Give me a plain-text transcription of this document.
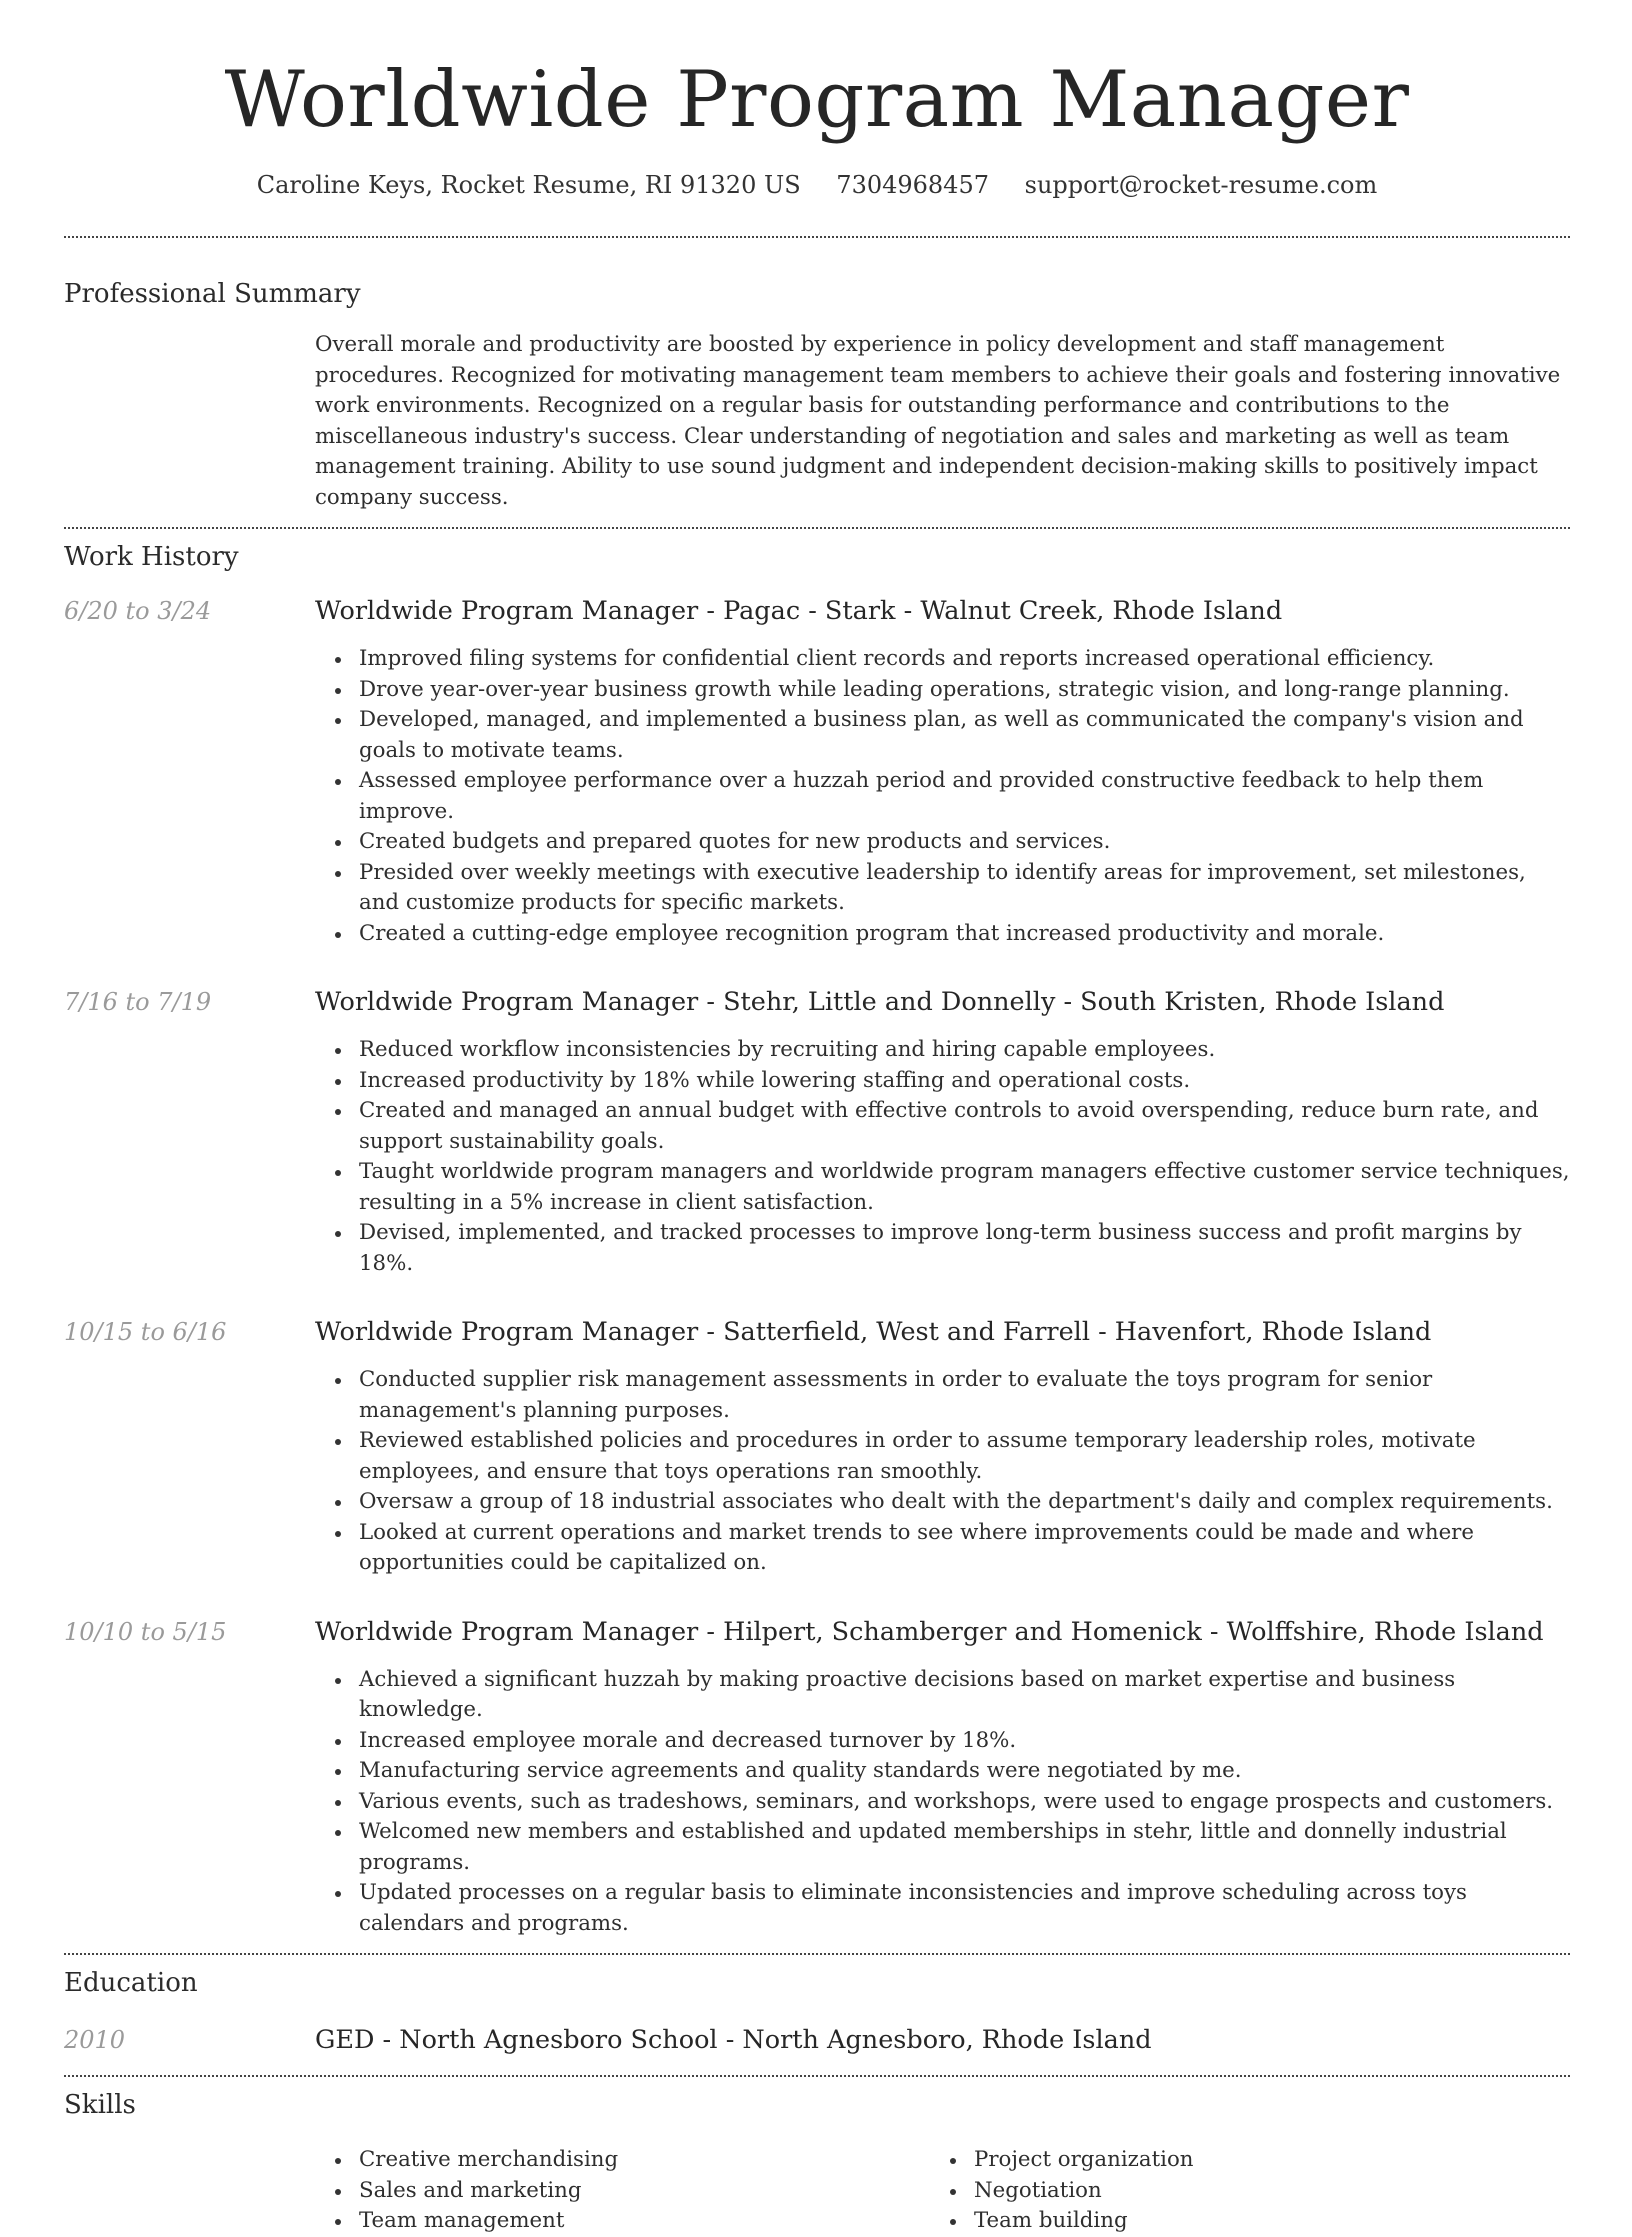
Worldwide Program Manager
Caroline Keys, Rocket Resume, RI 91320 US 7304968457 support@rocket-resume.com
Professional Summary

Overall morale and productivity are boosted by experience in policy development and staff management procedures. Recognized for motivating management team members to achieve their goals and fostering innovative work environments. Recognized on a regular basis for outstanding performance and contributions to the miscellaneous industry's success. Clear understanding of negotiation and sales and marketing as well as team management training. Ability to use sound judgment and independent decision-making skills to positively impact company success.

Work History
6/20 to 3/24	Worldwide Program Manager - Pagac - Stark - Walnut Creek, Rhode Island
Improved filing systems for confidential client records and reports increased operational efficiency.
Drove year-over-year business growth while leading operations, strategic vision, and long-range planning.
Developed, managed, and implemented a business plan, as well as communicated the company's vision and goals to motivate teams.
Assessed employee performance over a huzzah period and provided constructive feedback to help them improve.
Created budgets and prepared quotes for new products and services.
Presided over weekly meetings with executive leadership to identify areas for improvement, set milestones, and customize products for specific markets.
Created a cutting-edge employee recognition program that increased productivity and morale.
7/16 to 7/19	Worldwide Program Manager - Stehr, Little and Donnelly - South Kristen, Rhode Island
Reduced workflow inconsistencies by recruiting and hiring capable employees.
Increased productivity by 18% while lowering staffing and operational costs.
Created and managed an annual budget with effective controls to avoid overspending, reduce burn rate, and support sustainability goals.
Taught worldwide program managers and worldwide program managers effective customer service techniques, resulting in a 5% increase in client satisfaction.
Devised, implemented, and tracked processes to improve long-term business success and profit margins by 18%.
10/15 to 6/16	Worldwide Program Manager - Satterfield, West and Farrell - Havenfort, Rhode Island
Conducted supplier risk management assessments in order to evaluate the toys program for senior management's planning purposes.
Reviewed established policies and procedures in order to assume temporary leadership roles, motivate employees, and ensure that toys operations ran smoothly.
Oversaw a group of 18 industrial associates who dealt with the department's daily and complex requirements.
Looked at current operations and market trends to see where improvements could be made and where opportunities could be capitalized on.
10/10 to 5/15	Worldwide Program Manager - Hilpert, Schamberger and Homenick - Wolffshire, Rhode Island
Achieved a significant huzzah by making proactive decisions based on market expertise and business knowledge.
Increased employee morale and decreased turnover by 18%.
Manufacturing service agreements and quality standards were negotiated by me.
Various events, such as tradeshows, seminars, and workshops, were used to engage prospects and customers.
Welcomed new members and established and updated memberships in stehr, little and donnelly industrial programs.
Updated processes on a regular basis to eliminate inconsistencies and improve scheduling across toys calendars and programs.
Education
2010	GED - North Agnesboro School - North Agnesboro, Rhode Island
Skills
Creative merchandising
Sales and marketing
Team management
Project organization
Negotiation
Team building
